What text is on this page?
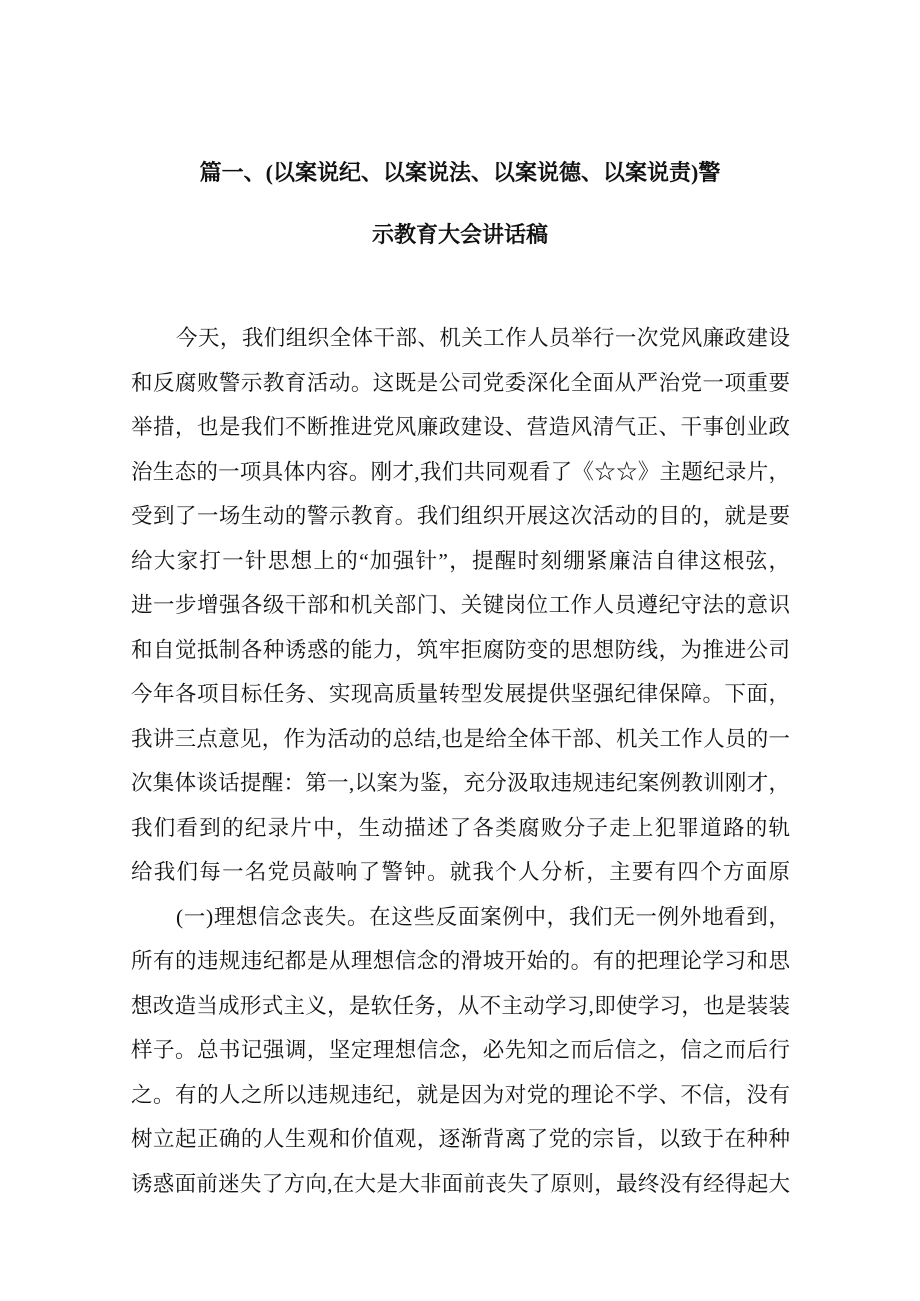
篇一、(以案说纪、以案说法、以案说德、以案说责)警
示教育大会讲话稿
今天，我们组织全体干部、机关工作人员举行一次党风廉政建设
和反腐败警示教育活动。这既是公司党委深化全面从严治党一项重要
举措，也是我们不断推进党风廉政建设、营造风清气正、干事创业政
治生态的一项具体内容。刚才,我们共同观看了《☆☆》主题纪录片，
受到了一场生动的警示教育。我们组织开展这次活动的目的，就是要
给大家打一针思想上的“加强针”，提醒时刻绷紧廉洁自律这根弦，
进一步增强各级干部和机关部门、关键岗位工作人员遵纪守法的意识
和自觉抵制各种诱惑的能力，筑牢拒腐防变的思想防线，为推进公司
今年各项目标任务、实现高质量转型发展提供坚强纪律保障。下面，
我讲三点意见，作为活动的总结,也是给全体干部、机关工作人员的一
次集体谈话提醒：第一,以案为鉴，充分汲取违规违纪案例教训刚才，
我们看到的纪录片中，生动描述了各类腐败分子走上犯罪道路的轨
给我们每一名党员敲响了警钟。就我个人分析，主要有四个方面原
(一)理想信念丧失。在这些反面案例中，我们无一例外地看到，
所有的违规违纪都是从理想信念的滑坡开始的。有的把理论学习和思
想改造当成形式主义，是软任务，从不主动学习,即使学习，也是装装
样子。总书记强调，坚定理想信念，必先知之而后信之，信之而后行
之。有的人之所以违规违纪，就是因为对党的理论不学、不信，没有
树立起正确的人生观和价值观，逐渐背离了党的宗旨，以致于在种种
诱惑面前迷失了方向,在大是大非面前丧失了原则，最终没有经得起大
